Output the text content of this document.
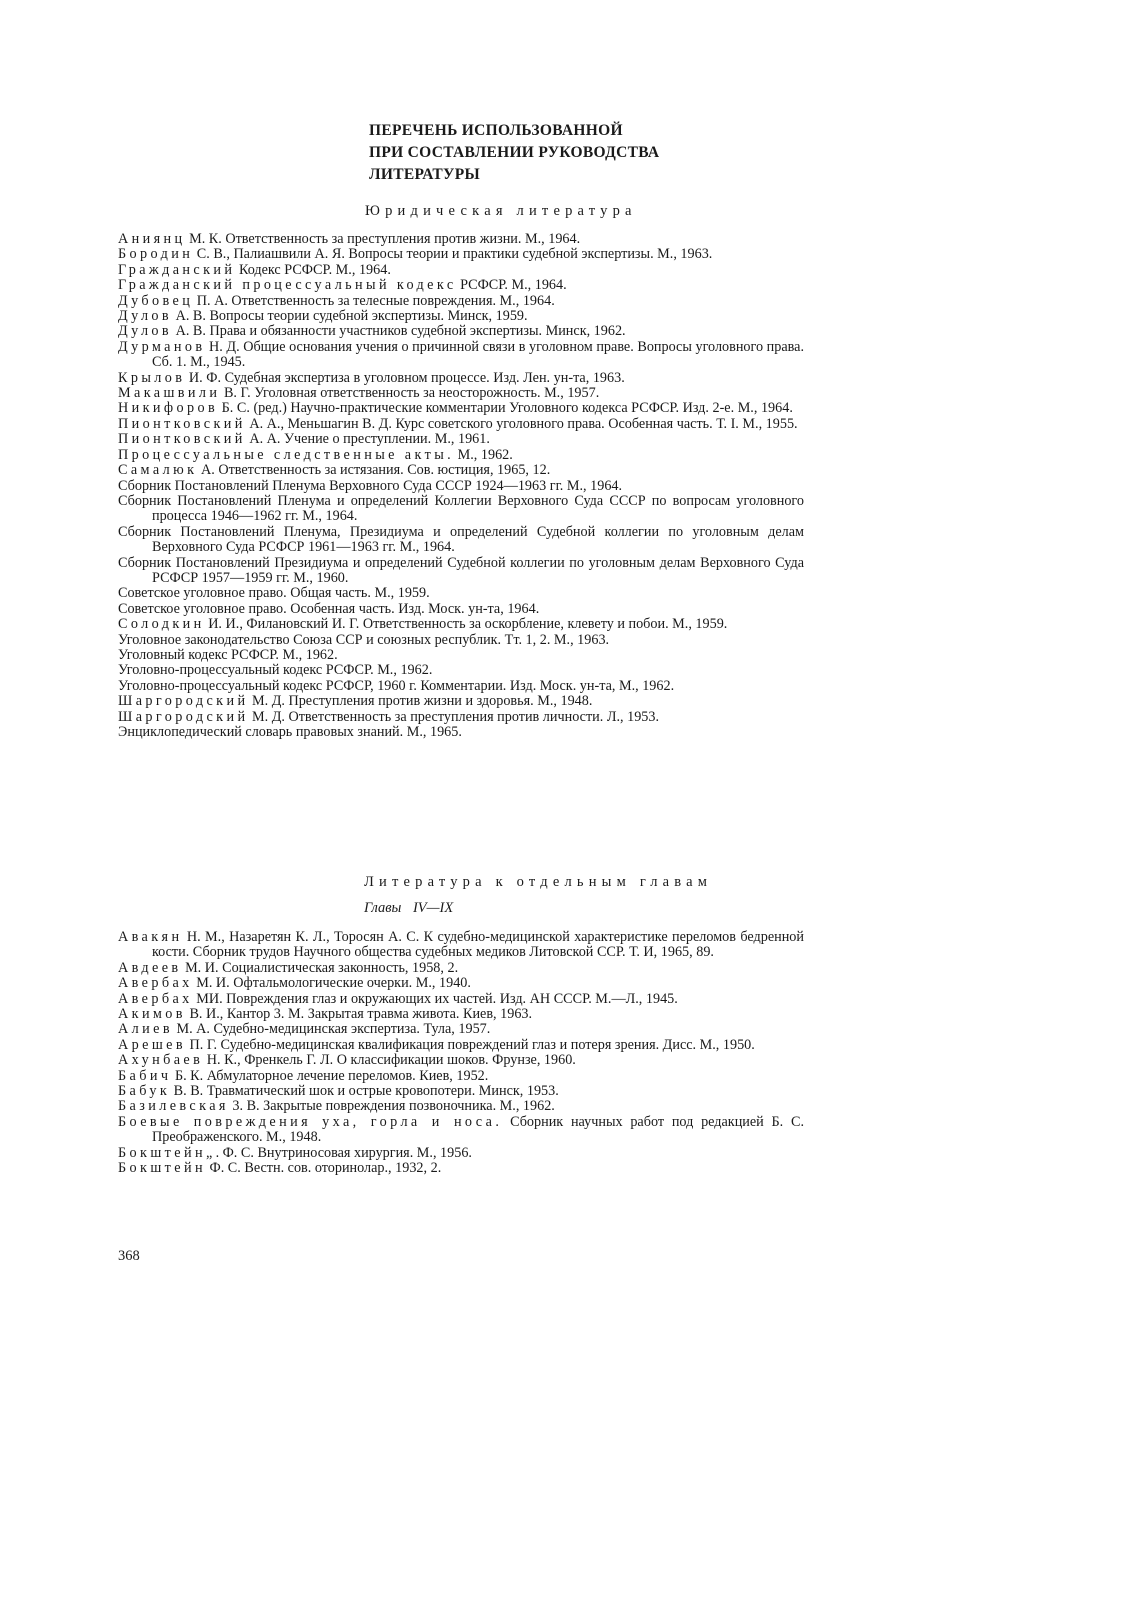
ПЕРЕЧЕНЬ ИСПОЛЬЗОВАННОЙ
ПРИ СОСТАВЛЕНИИ РУКОВОДСТВА
ЛИТЕРАТУРЫ
Юридическая литература

Аниянц М. К. Ответственность за преступления против жизни. М., 1964.

Бородин С. В., Палиашвили А. Я. Вопросы теории и практики судебной экспертизы. М., 1963.

Гражданский Кодекс РСФСР. М., 1964.

Гражданский процессуальный кодекс РСФСР. М., 1964.

Дубовец П. А. Ответственность за телесные повреждения. М., 1964.

Дулов А. В. Вопросы теории судебной экспертизы. Минск, 1959.

Дулов А. В. Права и обязанности участников судебной экспертизы. Минск, 1962.

Дурманов Н. Д. Общие основания учения о причинной связи в уголовном праве. Вопросы уголовного права. Сб. 1. М., 1945.

Крылов И. Ф. Судебная экспертиза в уголовном процессе. Изд. Лен. ун-та, 1963.

Макашвили В. Г. Уголовная ответственность за неосторожность. М., 1957.

Никифоров Б. С. (ред.) Научно-практические комментарии Уголовного кодекса РСФСР. Изд. 2-е. М., 1964.

Пионтковский А. А., Меньшагин В. Д. Курс советского уголовного права. Особенная часть. Т. I. М., 1955.

Пионтковский А. А. Учение о преступлении. М., 1961.

Процессуальные следственные акты. М., 1962.

Самалюк А. Ответственность за истязания. Сов. юстиция, 1965, 12.

Сборник Постановлений Пленума Верховного Суда СССР 1924—1963 гг. М., 1964.

Сборник Постановлений Пленума и определений Коллегии Верховного Суда СССР по вопросам уголовного процесса 1946—1962 гг. М., 1964.

Сборник Постановлений Пленума, Президиума и определений Судебной коллегии по уголовным делам Верховного Суда РСФСР 1961—1963 гг. М., 1964.

Сборник Постановлений Президиума и определений Судебной коллегии по уголовным делам Верховного Суда РСФСР 1957—1959 гг. М., 1960.

Советское уголовное право. Общая часть. М., 1959.

Советское уголовное право. Особенная часть. Изд. Моск. ун-та, 1964.

Солодкин И. И., Филановский И. Г. Ответственность за оскорбление, клевету и побои. М., 1959.

Уголовное законодательство Союза ССР и союзных республик. Тт. 1, 2. М., 1963.

Уголовный кодекс РСФСР. М., 1962.

Уголовно-процессуальный кодекс РСФСР. М., 1962.

Уголовно-процессуальный кодекс РСФСР, 1960 г. Комментарии. Изд. Моск. ун-та, М., 1962.

Шаргородский М. Д. Преступления против жизни и здоровья. М., 1948.

Шаргородский М. Д. Ответственность за преступления против личности. Л., 1953.

Энциклопедический словарь правовых знаний. М., 1965.

Литература к отдельным главам
Главы IV—IX

Авакян Н. М., Назаретян К. Л., Торосян А. С. К судебно-медицинской характеристике переломов бедренной кости. Сборник трудов Научного общества судебных медиков Литовской ССР. Т. И, 1965, 89.

Авдеев М. И. Социалистическая законность, 1958, 2.

Авербах М. И. Офтальмологические очерки. М., 1940.

Авербах МИ. Повреждения глаз и окружающих их частей. Изд. АН СССР. М.—Л., 1945.

Акимов В. И., Кантор 3. М. Закрытая травма живота. Киев, 1963.

Алиев М. А. Судебно-медицинская экспертиза. Тула, 1957.

Арешев П. Г. Судебно-медицинская квалификация повреждений глаз и потеря зрения. Дисс. М., 1950.

Ахунбаев Н. К., Френкель Г. Л. О классификации шоков. Фрунзе, 1960.

Бабич Б. К. Абмулаторное лечение переломов. Киев, 1952.

Бабук В. В. Травматический шок и острые кровопотери. Минск, 1953.

Базилевская 3. В. Закрытые повреждения позвоночника. М., 1962.

Боевые повреждения уха, горла и носа. Сборник научных работ под редакцией Б. С. Преображенского. М., 1948.

Бокштейн„.Ф. С. Внутриносовая хирургия. М., 1956.

Бокштейн Ф. С. Вестн. сов. оторинолар., 1932, 2.

368
